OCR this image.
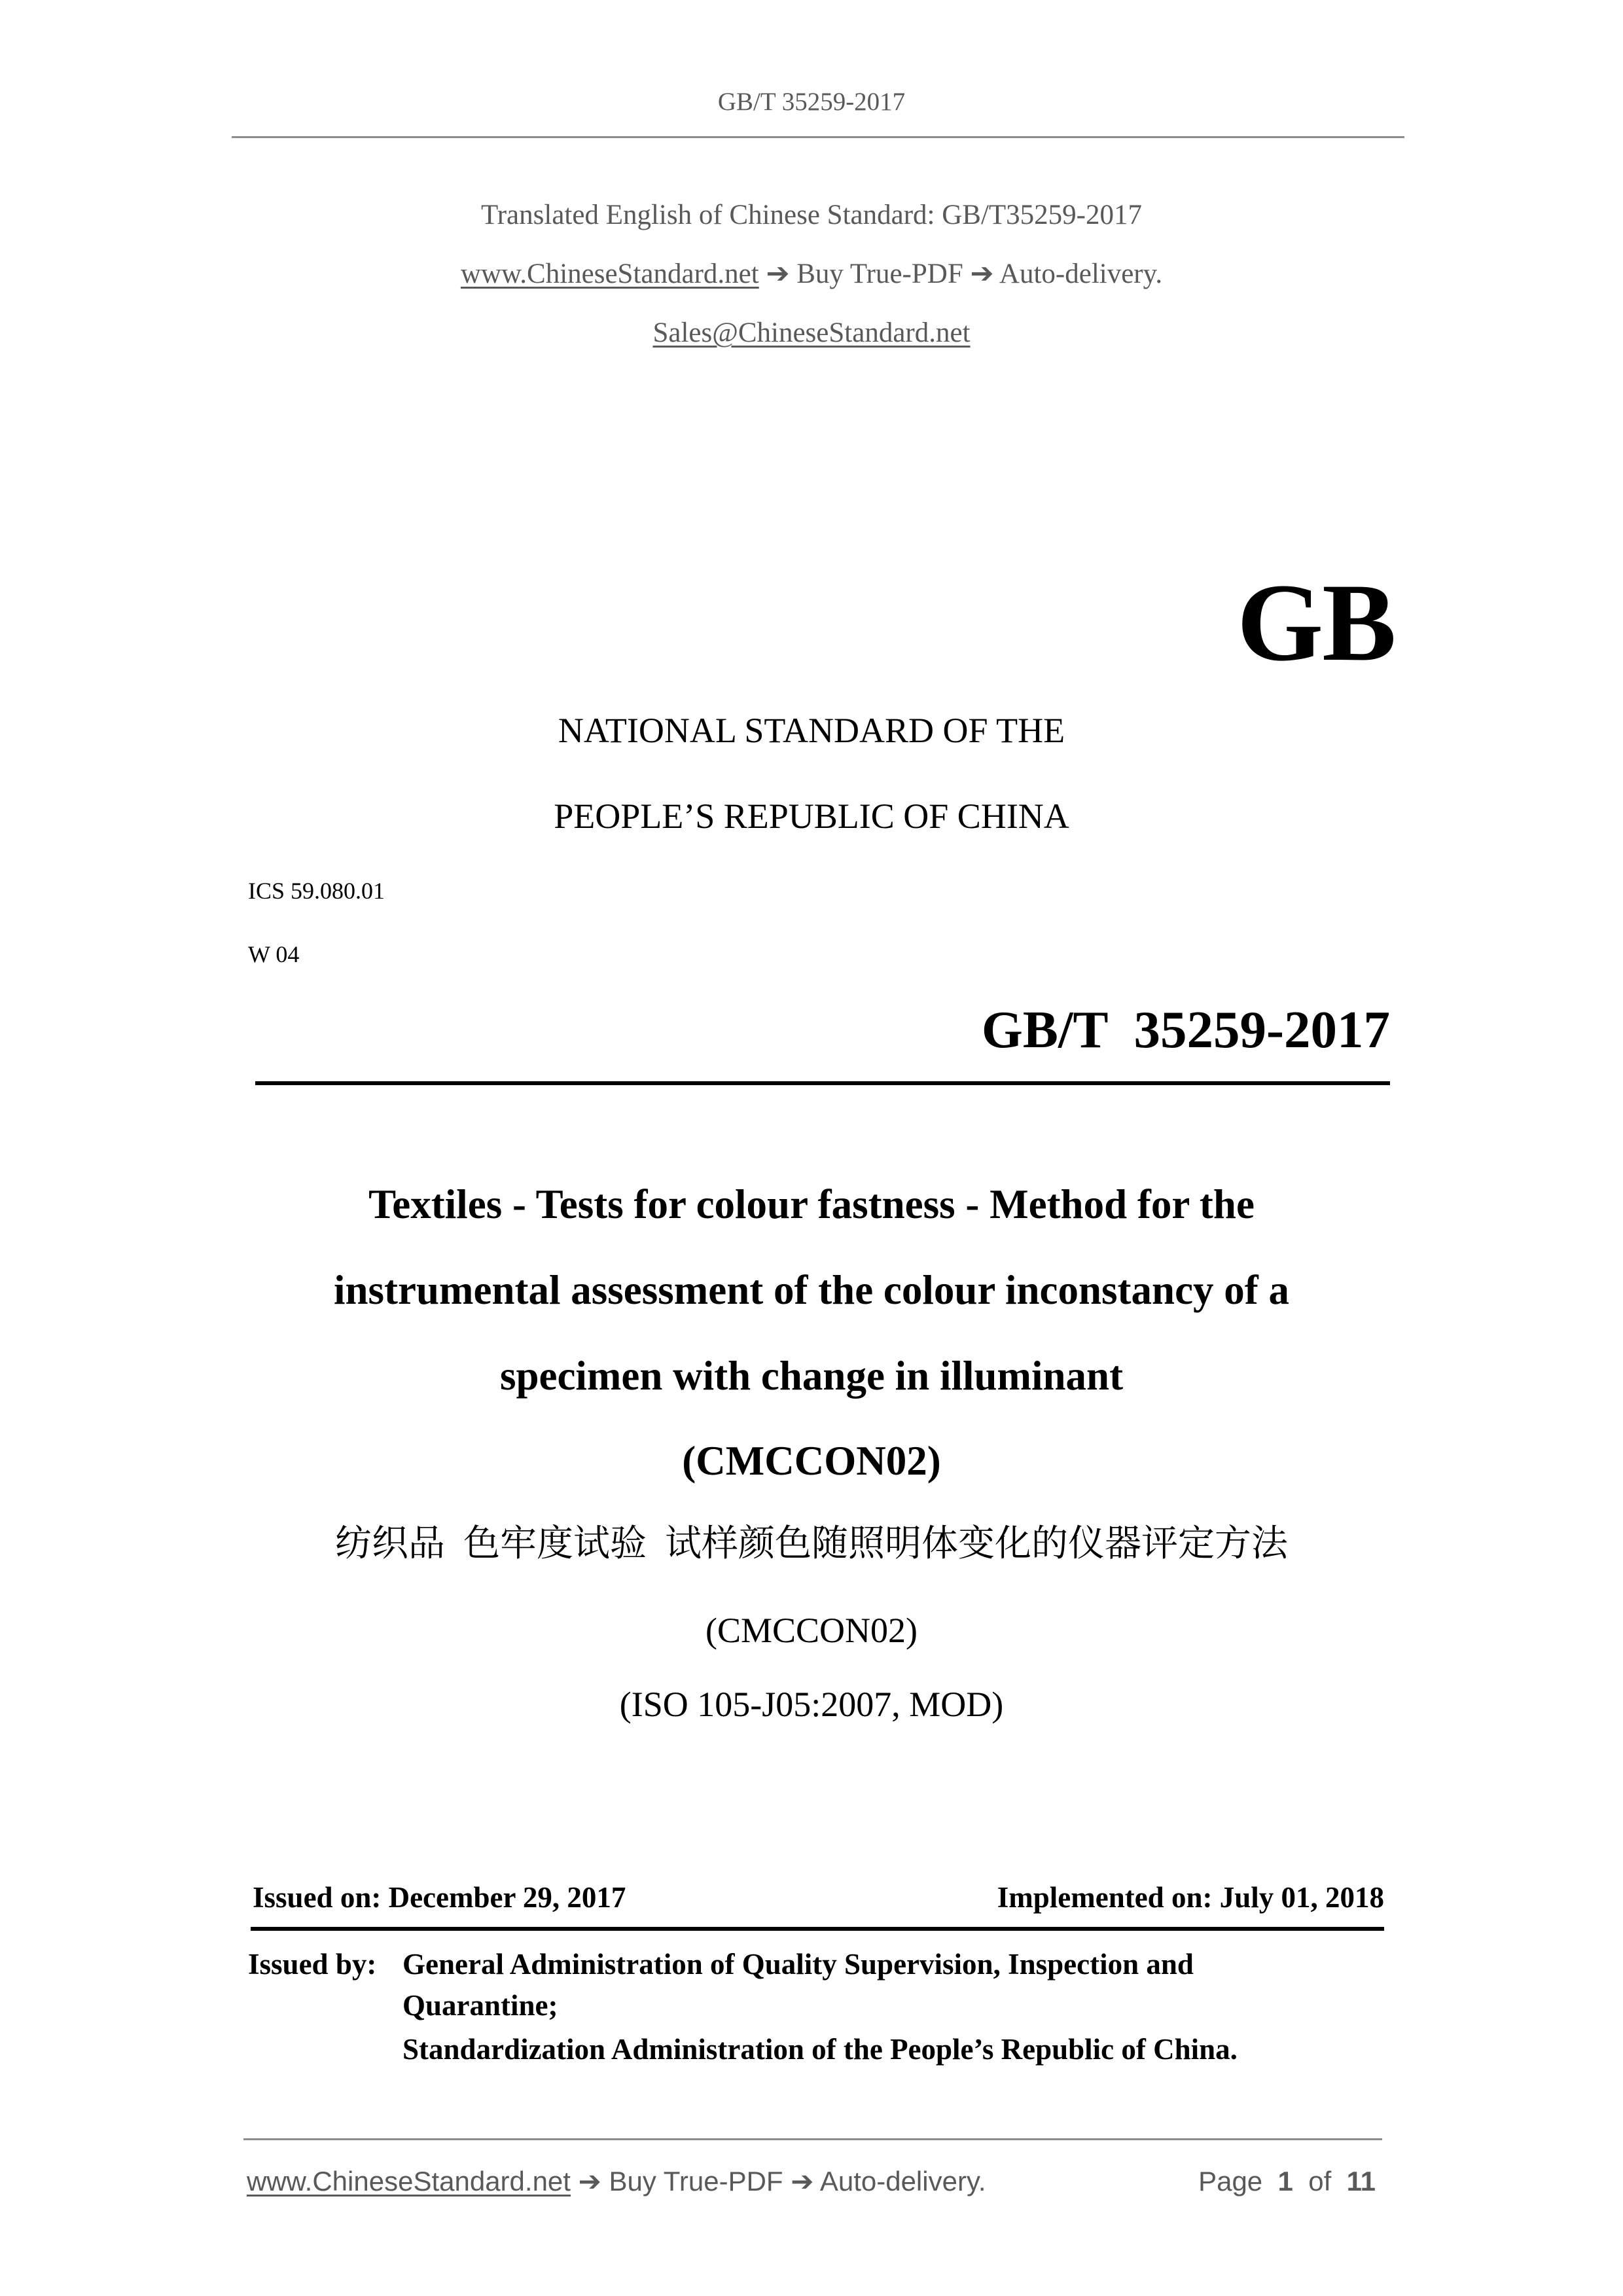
GB/T 35259-2017
Translated English of Chinese Standard: GB/T35259-2017
www.ChineseStandard.net ➔ Buy True-PDF ➔ Auto-delivery.
Sales@ChineseStandard.net
GB
NATIONAL STANDARD OF THE
PEOPLE’S REPUBLIC OF CHINA
ICS 59.080.01
W 04
GB/T  35259-2017
Textiles - Tests for colour fastness - Method for the
instrumental assessment of the colour inconstancy of a
specimen with change in illuminant
(CMCCON02)
纺织品  色牢度试验  试样颜色随照明体变化的仪器评定方法
(CMCCON02)
(ISO 105-J05:2007, MOD)
Issued on: December 29, 2017	Implemented on: July 01, 2018
Issued by: General Administration of Quality Supervision, Inspection and
Quarantine;
Standardization Administration of the People’s Republic of China.
www.ChineseStandard.net ➔ Buy True-PDF ➔ Auto-delivery.	Page 1 of 11
